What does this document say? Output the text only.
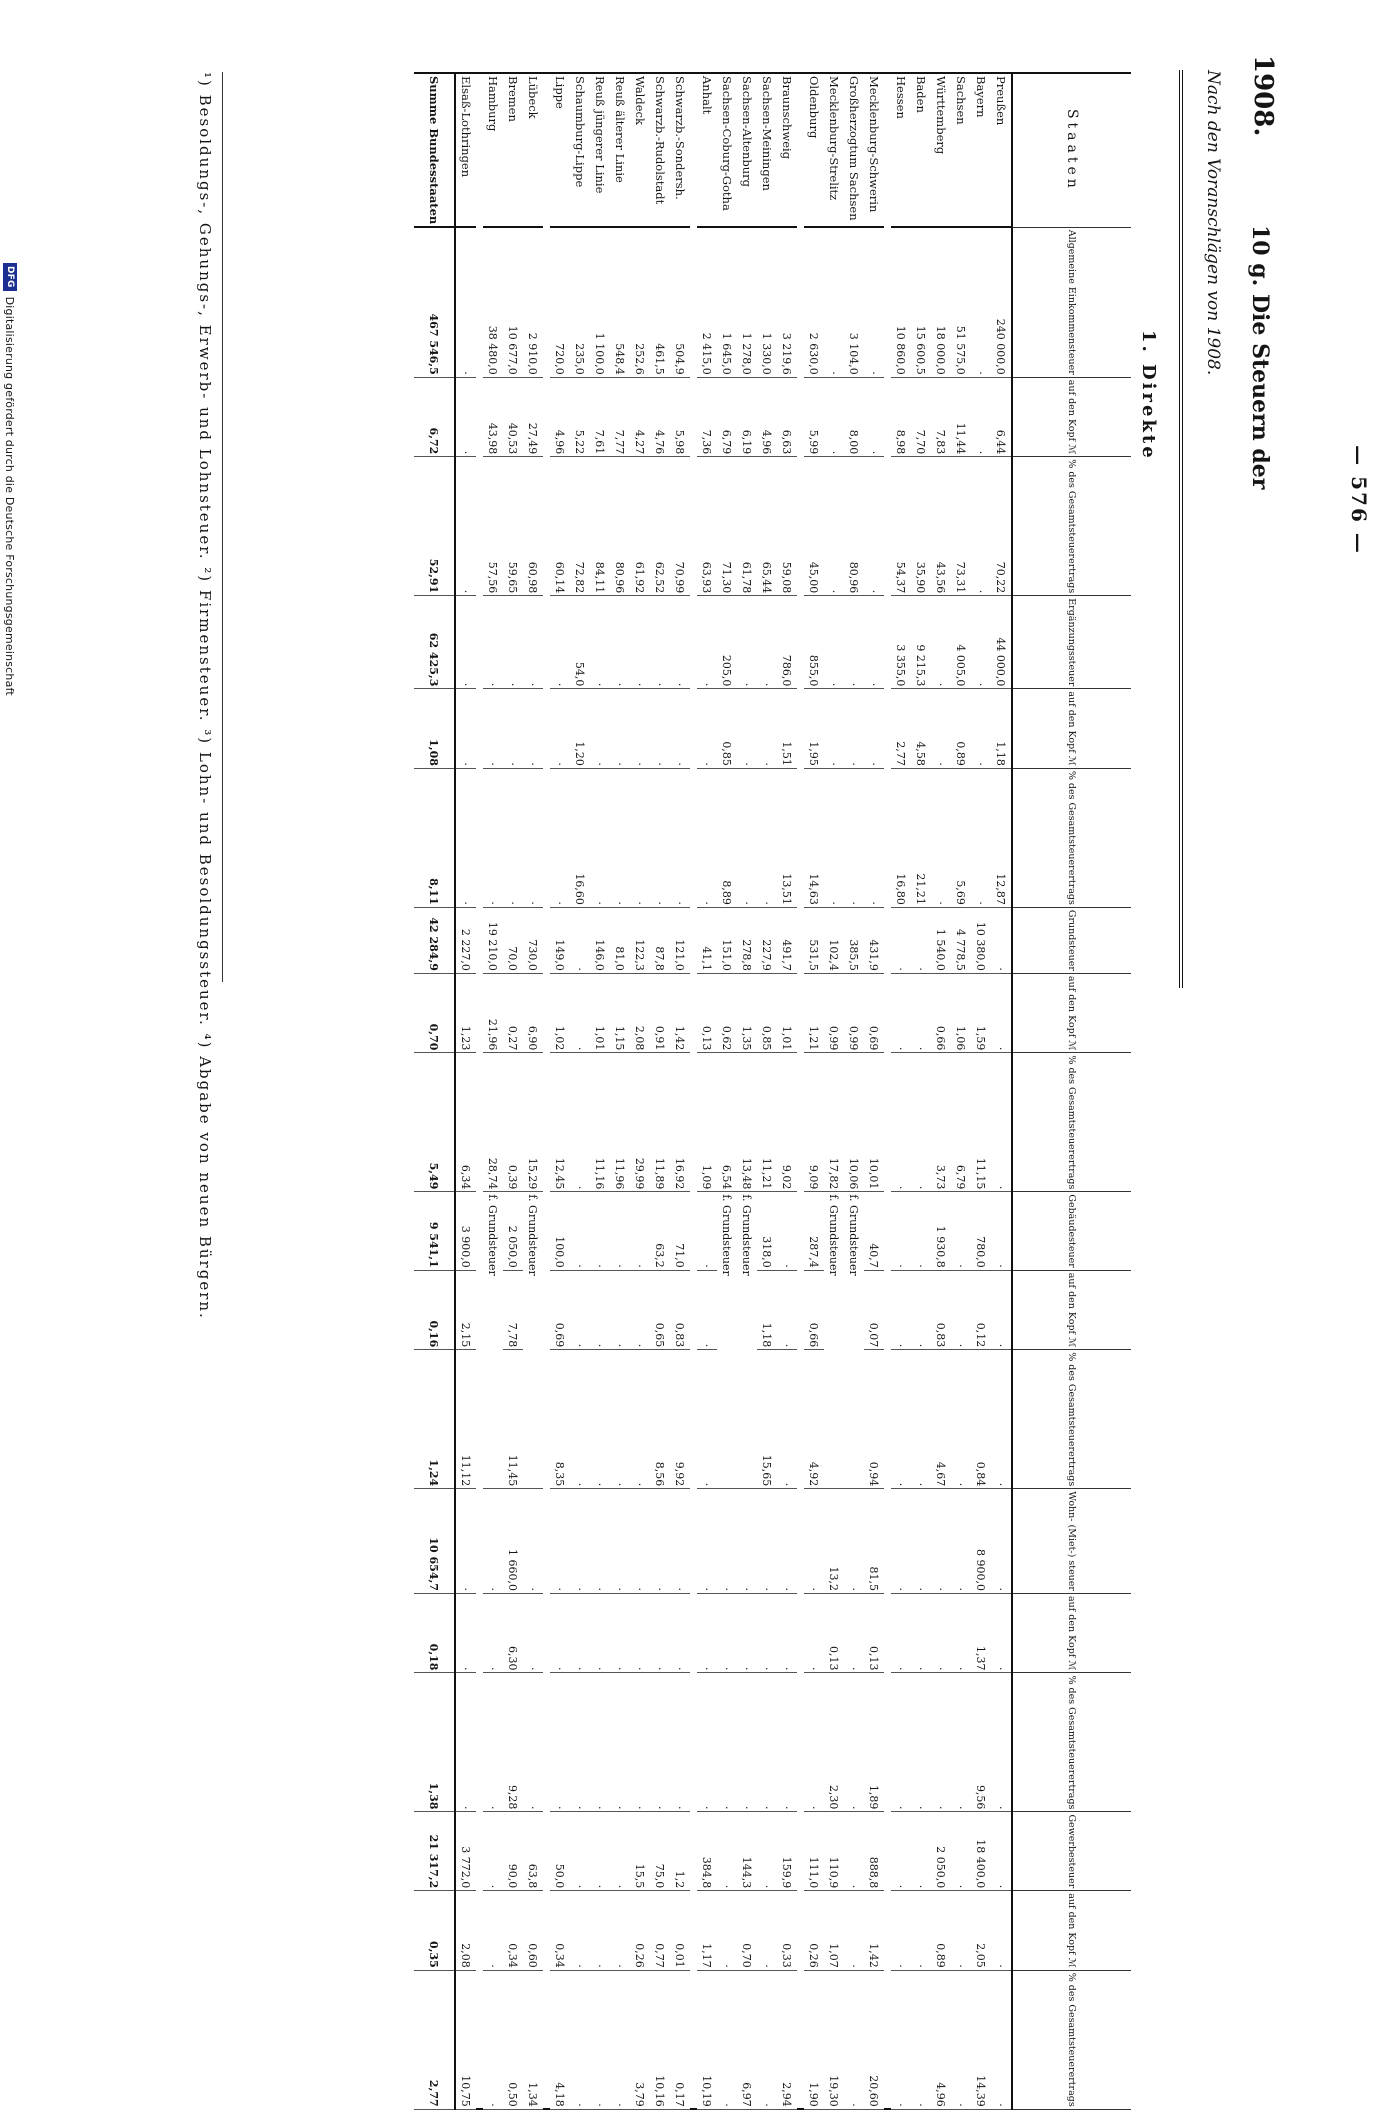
DFG
Digitalisierung gefördert durch die Deutsche Forschungsgemeinschaft	— 576 —
1908.
10 g. Die Steuern der
Nach den Voranschlägen von 1908.
1. Direkte
Staaten	Allgemeine Einkommensteuer	auf den Kopf ℳ	% des Gesamtsteuerertrags	Ergänzungssteuer	auf den Kopf ℳ	% des Gesamtsteuerertrags	Grundsteuer	auf den Kopf ℳ	% des Gesamtsteuerertrags	Gebäudesteuer	auf den Kopf ℳ	% des Gesamtsteuerertrags	Wohn- (Miet-) steuer	auf den Kopf ℳ	% des Gesamtsteuerertrags	Gewerbesteuer	auf den Kopf ℳ	% des Gesamtsteuerertrags
Preußen	240 000,0	6,44	70,22	44 000,0	1,18	12,87	·	·	·	·	·	·	·	·	·	·	·	·
Bayern	·	·	·	·	·	·	10 380,0	1,59	11,15	780,0	0,12	0,84	8 900,0	1,37	9,56	18 400,0	2,05	14,39
Sachsen	51 575,0	11,44	73,31	4 005,0	0,89	5,69	4 778,5	1,06	6,79	·	·	·	·	·	·	·	·	·
Württemberg	18 000,0	7,83	43,56	·	·	·	1 540,0	0,66	3,73	1 930,8	0,83	4,67	·	·	·	2 050,0	0,89	4,96
Baden	15 600,5	7,70	35,90	9 215,3	4,58	21,21	·	·	·	·	·	·	·	·	·	·	·	·
Hessen	10 860,0	8,98	54,37	3 355,0	2,77	16,80	·	·	·	·	·	·	·	·	·	·	·	·

Mecklenburg-Schwerin	·	·	·	·	·	·	431,9	0,69	10,01	40,7	0,07	0,94	81,5	0,13	1,89	888,8	1,42	20,60
Großherzogtum Sachsen	3 104,0	8,00	80,96	·	·	·	385,5	0,99	10,06	f. Grundsteuer			·	·	·	·	·	·
Mecklenburg-Strelitz	·	·	·	·	·	·	102,4	0,99	17,82	f. Grundsteuer			13,2	0,13	2,30	110,9	1,07	19,30
Oldenburg	2 630,0	5,99	45,00	855,0	1,95	14,63	531,5	1,21	9,09	287,4	0,66	4,92	·	·	·	111,0	0,26	1,90

Braunschweig	3 219,6	6,63	59,08	786,0	1,51	13,51	491,7	1,01	9,02	·	·	·	·	·	·	159,9	0,33	2,94
Sachsen-Meiningen	1 330,0	4,96	65,44	·	·	·	227,9	0,85	11,21	318,0	1,18	15,65	·	·	·	·	·	·
Sachsen-Altenburg	1 278,0	6,19	61,78	·	·	·	278,8	1,35	13,48	f. Grundsteuer			·	·	·	144,3	0,70	6,97
Sachsen-Coburg-Gotha	1 645,0	6,79	71,30	205,0	0,85	8,89	151,0	0,62	6,54	f. Grundsteuer			·	·	·	·	·	·
Anhalt	2 415,0	7,36	63,93	·	·	·	41,1	0,13	1,09	·	·	·	·	·	·	384,8	1,17	10,19

Schwarzb.-Sondersh.	504,9	5,98	70,99	·	·	·	121,0	1,42	16,92	71,0	0,83	9,92	·	·	·	1,2	0,01	0,17
Schwarzb.-Rudolstadt	461,5	4,76	62,52	·	·	·	87,8	0,91	11,89	63,2	0,65	8,56	·	·	·	75,0	0,77	10,16
Waldeck	252,6	4,27	61,92	·	·	·	122,3	2,08	29,99	·	·	·	·	·	·	15,5	0,26	3,79
Reuß älterer Linie	548,4	7,77	80,96	·	·	·	81,0	1,15	11,96	·	·	·	·	·	·	·	·	·
Reuß jüngerer Linie	1 100,0	7,61	84,11	·	·	·	146,0	1,01	11,16	·	·	·	·	·	·	·	·	·
Schaumburg-Lippe	235,0	5,22	72,82	54,0	1,20	16,60	·	·	·	·	·	·	·	·	·	·	·	·
Lippe	720,0	4,96	60,14	·	·	·	149,0	1,02	12,45	100,0	0,69	8,35	·	·	·	50,0	0,34	4,18

Lübeck	2 910,0	27,49	60,98	·	·	·	730,0	6,90	15,29	f. Grundsteuer			·	·	·	63,8	0,60	1,34
Bremen	10 677,0	40,53	59,65	·	·	·	70,0	0,27	0,39	2 050,0	7,78	11,45	1 660,0	6,30	9,28	90,0	0,34	0,50
Hamburg	38 480,0	43,98	57,56	·	·	·	19 210,0	21,96	28,74	f. Grundsteuer			·	·	·	·	·	·

Elsaß-Lothringen	·	·	·	·	·	·	2 227,0	1,23	6,34	3 900,0	2,15	11,12	·	·	·	3 772,0	2,08	10,75
Summe Bundesstaaten	467 546,5	6,72	52,91	62 425,3	1,08	8,11	42 284,9	0,70	5,49	9 541,1	0,16	1,24	10 654,7	0,18	1,38	21 317,2	0,35	2,77
¹) Besoldungs-, Gehungs-, Erwerb- und Lohnsteuer. ²) Firmensteuer. ³) Lohn- und Besoldungssteuer. ⁴) Abgabe von neuen Bürgern.
